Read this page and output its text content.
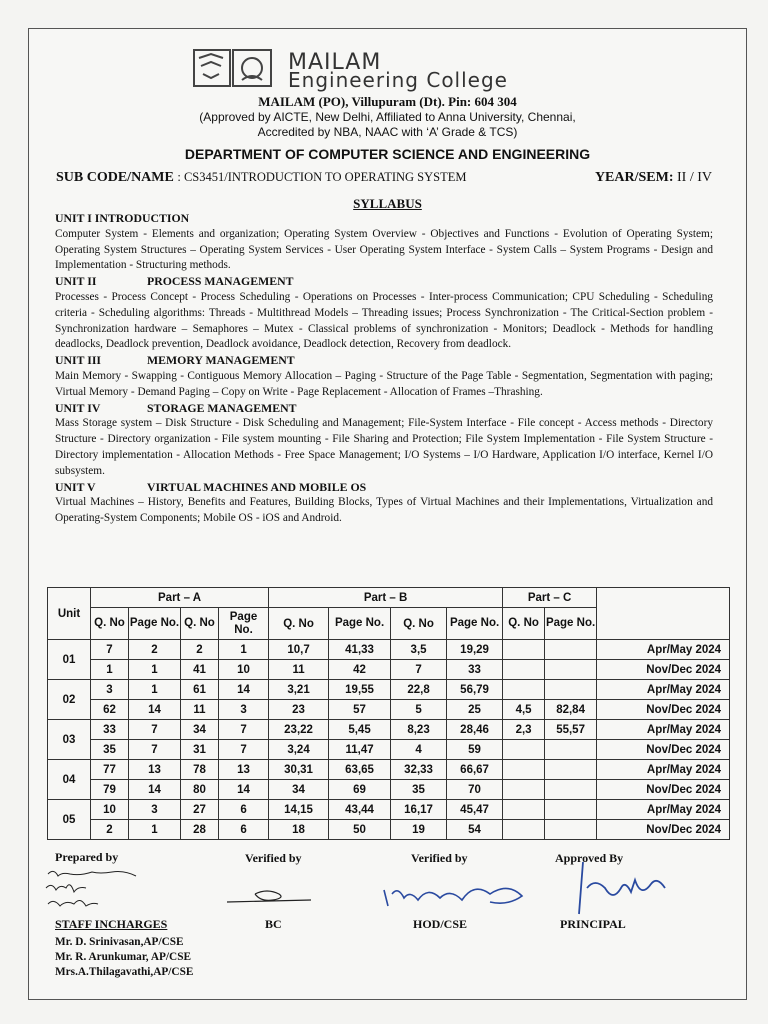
MAILAM
Engineering College
MAILAM (PO), Villupuram (Dt). Pin: 604 304
(Approved by AICTE, New Delhi, Affiliated to Anna University, Chennai,
Accredited by NBA, NAAC with ‘A’ Grade & TCS)
DEPARTMENT OF COMPUTER SCIENCE AND ENGINEERING
SUB CODE/NAME : CS3451/INTRODUCTION TO OPERATING SYSTEM	YEAR/SEM: II / IV
SYLLABUS
UNIT I INTRODUCTION
Computer System - Elements and organization; Operating System Overview - Objectives and Functions - Evolution of Operating System; Operating System Structures – Operating System Services - User Operating System Interface - System Calls – System Programs - Design and Implementation - Structuring methods.
UNIT II	PROCESS MANAGEMENT
Processes - Process Concept - Process Scheduling - Operations on Processes - Inter-process Communication; CPU Scheduling - Scheduling criteria - Scheduling algorithms: Threads - Multithread Models – Threading issues; Process Synchronization - The Critical-Section problem - Synchronization hardware – Semaphores – Mutex - Classical problems of synchronization - Monitors; Deadlock - Methods for handling deadlocks, Deadlock prevention, Deadlock avoidance, Deadlock detection, Recovery from deadlock.
UNIT III	MEMORY MANAGEMENT
Main Memory - Swapping - Contiguous Memory Allocation – Paging - Structure of the Page Table - Segmentation, Segmentation with paging; Virtual Memory - Demand Paging – Copy on Write - Page Replacement - Allocation of Frames –Thrashing.
UNIT IV	STORAGE MANAGEMENT
Mass Storage system – Disk Structure - Disk Scheduling and Management; File-System Interface - File concept - Access methods - Directory Structure - Directory organization - File system mounting - File Sharing and Protection; File System Implementation - File System Structure - Directory implementation - Allocation Methods - Free Space Management; I/O Systems – I/O Hardware, Application I/O interface, Kernel I/O subsystem.
UNIT V	VIRTUAL MACHINES AND MOBILE OS
Virtual Machines – History, Benefits and Features, Building Blocks, Types of Virtual Machines and their Implementations, Virtualization and Operating-System Components; Mobile OS - iOS and Android.
Unit	Part – A				Part – B				Part – C		
	Q. No	Page No.	Q. No	Page No.	Q. No	Page No.	Q. No	Page No.	Q. No	Page No.	
01	7	2	2	1	10,7	41,33	3,5	19,29			Apr/May 2024
	1	1	41	10	11	42	7	33			Nov/Dec 2024
02	3	1	61	14	3,21	19,55	22,8	56,79			Apr/May 2024
	62	14	11	3	23	57	5	25	4,5	82,84	Nov/Dec 2024
03	33	7	34	7	23,22	5,45	8,23	28,46	2,3	55,57	Apr/May 2024
	35	7	31	7	3,24	11,47	4	59			Nov/Dec 2024
04	77	13	78	13	30,31	63,65	32,33	66,67			Apr/May 2024
	79	14	80	14	34	69	35	70			Nov/Dec 2024
05	10	3	27	6	14,15	43,44	16,17	45,47			Apr/May 2024
	2	1	28	6	18	50	19	54			Nov/Dec 2024
Prepared by	Verified by	Verified by	Approved By
STAFF INCHARGES	BC	HOD/CSE	PRINCIPAL
Mr. D. Srinivasan,AP/CSE
Mr. R. Arunkumar, AP/CSE
Mrs.A.Thilagavathi,AP/CSE
